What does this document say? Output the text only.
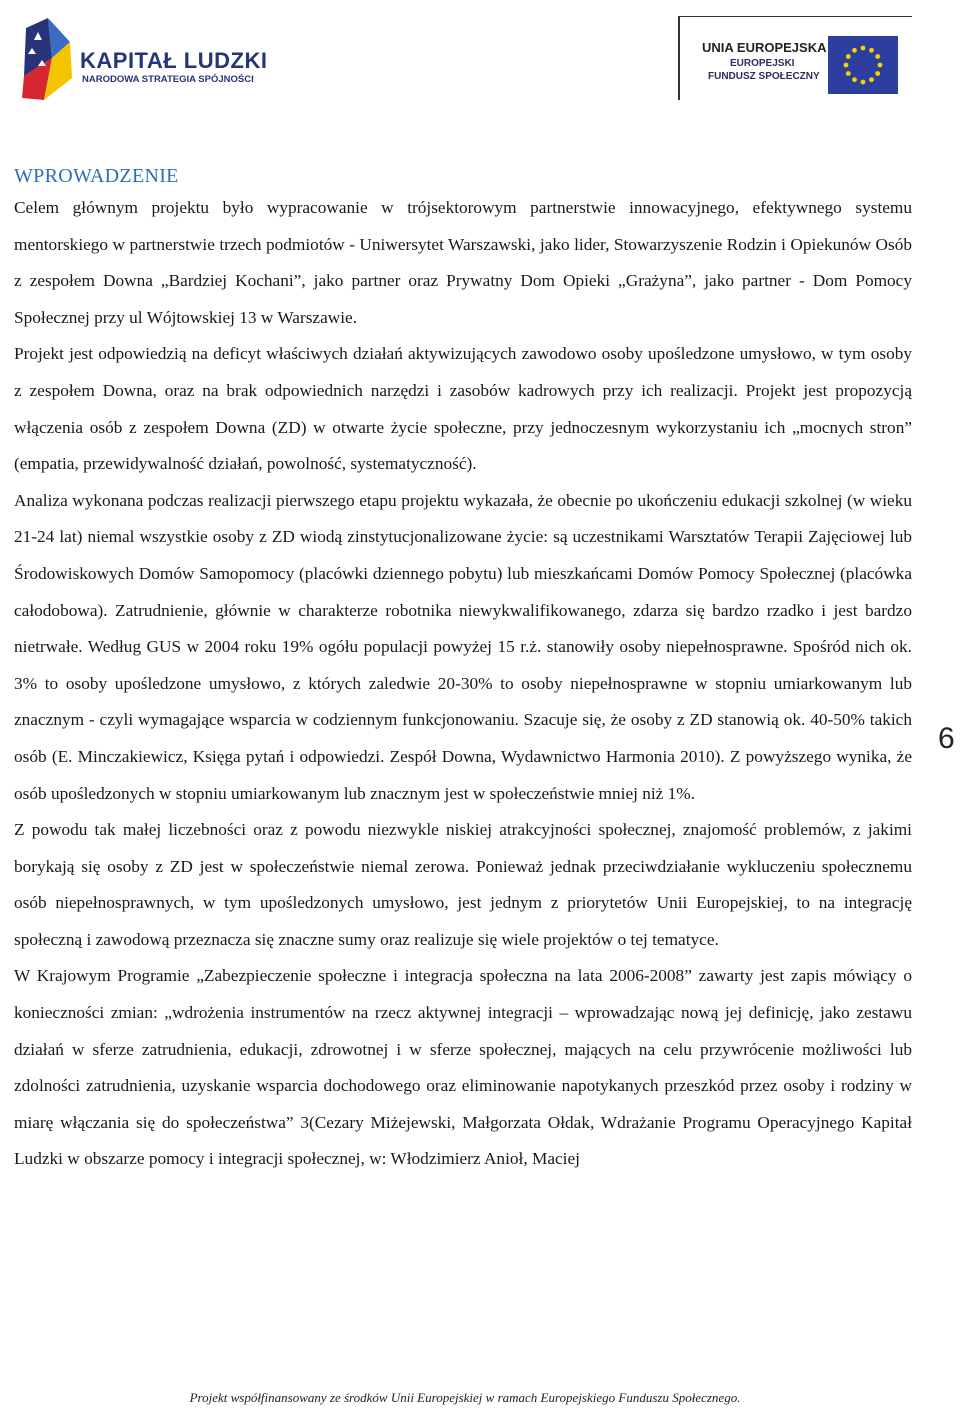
KAPITAŁ LUDZKI
NARODOWA STRATEGIA SPÓJNOŚCI
UNIA EUROPEJSKA
EUROPEJSKI
FUNDUSZ SPOŁECZNY
WPROWADZENIE

Celem głównym projektu było wypracowanie w trójsektorowym partnerstwie innowacyjnego, efektywnego systemu mentorskiego w partnerstwie trzech podmiotów - Uniwersytet Warszawski, jako lider, Stowarzyszenie Rodzin i Opiekunów Osób z zespołem Downa „Bardziej Kochani”, jako partner oraz Prywatny Dom Opieki „Grażyna”, jako partner - Dom Pomocy Społecznej przy ul Wójtowskiej 13 w Warszawie.

Projekt jest odpowiedzią na deficyt właściwych działań aktywizujących zawodowo osoby upośledzone umysłowo, w tym osoby z zespołem Downa, oraz na brak odpowiednich narzędzi i zasobów kadrowych przy ich realizacji. Projekt jest propozycją włączenia osób z zespołem Downa (ZD) w otwarte życie społeczne, przy jednoczesnym wykorzystaniu ich „mocnych stron” (empatia, przewidywalność działań, powolność, systematyczność).

Analiza wykonana podczas realizacji pierwszego etapu projektu wykazała, że obecnie po ukończeniu edukacji szkolnej (w wieku 21-24 lat) niemal wszystkie osoby z ZD wiodą zinstytucjonalizowane życie: są uczestnikami Warsztatów Terapii Zajęciowej lub Środowiskowych Domów Samopomocy (placówki dziennego pobytu) lub mieszkańcami Domów Pomocy Społecznej (placówka całodobowa). Zatrudnienie, głównie w charakterze robotnika niewykwalifikowanego, zdarza się bardzo rzadko i jest bardzo nietrwałe. Według GUS w 2004 roku 19% ogółu populacji powyżej 15 r.ż. stanowiły osoby niepełnosprawne. Spośród nich ok. 3% to osoby upośledzone umysłowo, z których zaledwie 20-30% to osoby niepełnosprawne w stopniu umiarkowanym lub znacznym - czyli wymagające wsparcia w codziennym funkcjonowaniu. Szacuje się, że osoby z ZD stanowią ok. 40-50% takich osób (E. Minczakiewicz, Księga pytań i odpowiedzi. Zespół Downa, Wydawnictwo Harmonia 2010). Z powyższego wynika, że osób upośledzonych w stopniu umiarkowanym lub znacznym jest w społeczeństwie mniej niż 1%.

Z powodu tak małej liczebności oraz z powodu niezwykle niskiej atrakcyjności społecznej, znajomość problemów, z jakimi borykają się osoby z ZD jest w społeczeństwie niemal zerowa. Ponieważ jednak przeciwdziałanie wykluczeniu społecznemu osób niepełnosprawnych, w tym upośledzonych umysłowo, jest jednym z priorytetów Unii Europejskiej, to na integrację społeczną i zawodową przeznacza się znaczne sumy oraz realizuje się wiele projektów o tej tematyce.

W Krajowym Programie „Zabezpieczenie społeczne i integracja społeczna na lata 2006-2008” zawarty jest zapis mówiący o konieczności zmian: „wdrożenia instrumentów na rzecz aktywnej integracji – wprowadzając nową jej definicję, jako zestawu działań w sferze zatrudnienia, edukacji, zdrowotnej i w sferze społecznej, mających na celu przywrócenie możliwości lub zdolności zatrudnienia, uzyskanie wsparcia dochodowego oraz eliminowanie napotykanych przeszkód przez osoby i rodziny w miarę włączania się do społeczeństwa” 3(Cezary Miżejewski, Małgorzata Ołdak, Wdrażanie Programu Operacyjnego Kapitał Ludzki w obszarze pomocy i integracji społecznej, w: Włodzimierz Anioł, Maciej

6
Projekt współfinansowany ze środków Unii Europejskiej w ramach Europejskiego Funduszu Społecznego.
